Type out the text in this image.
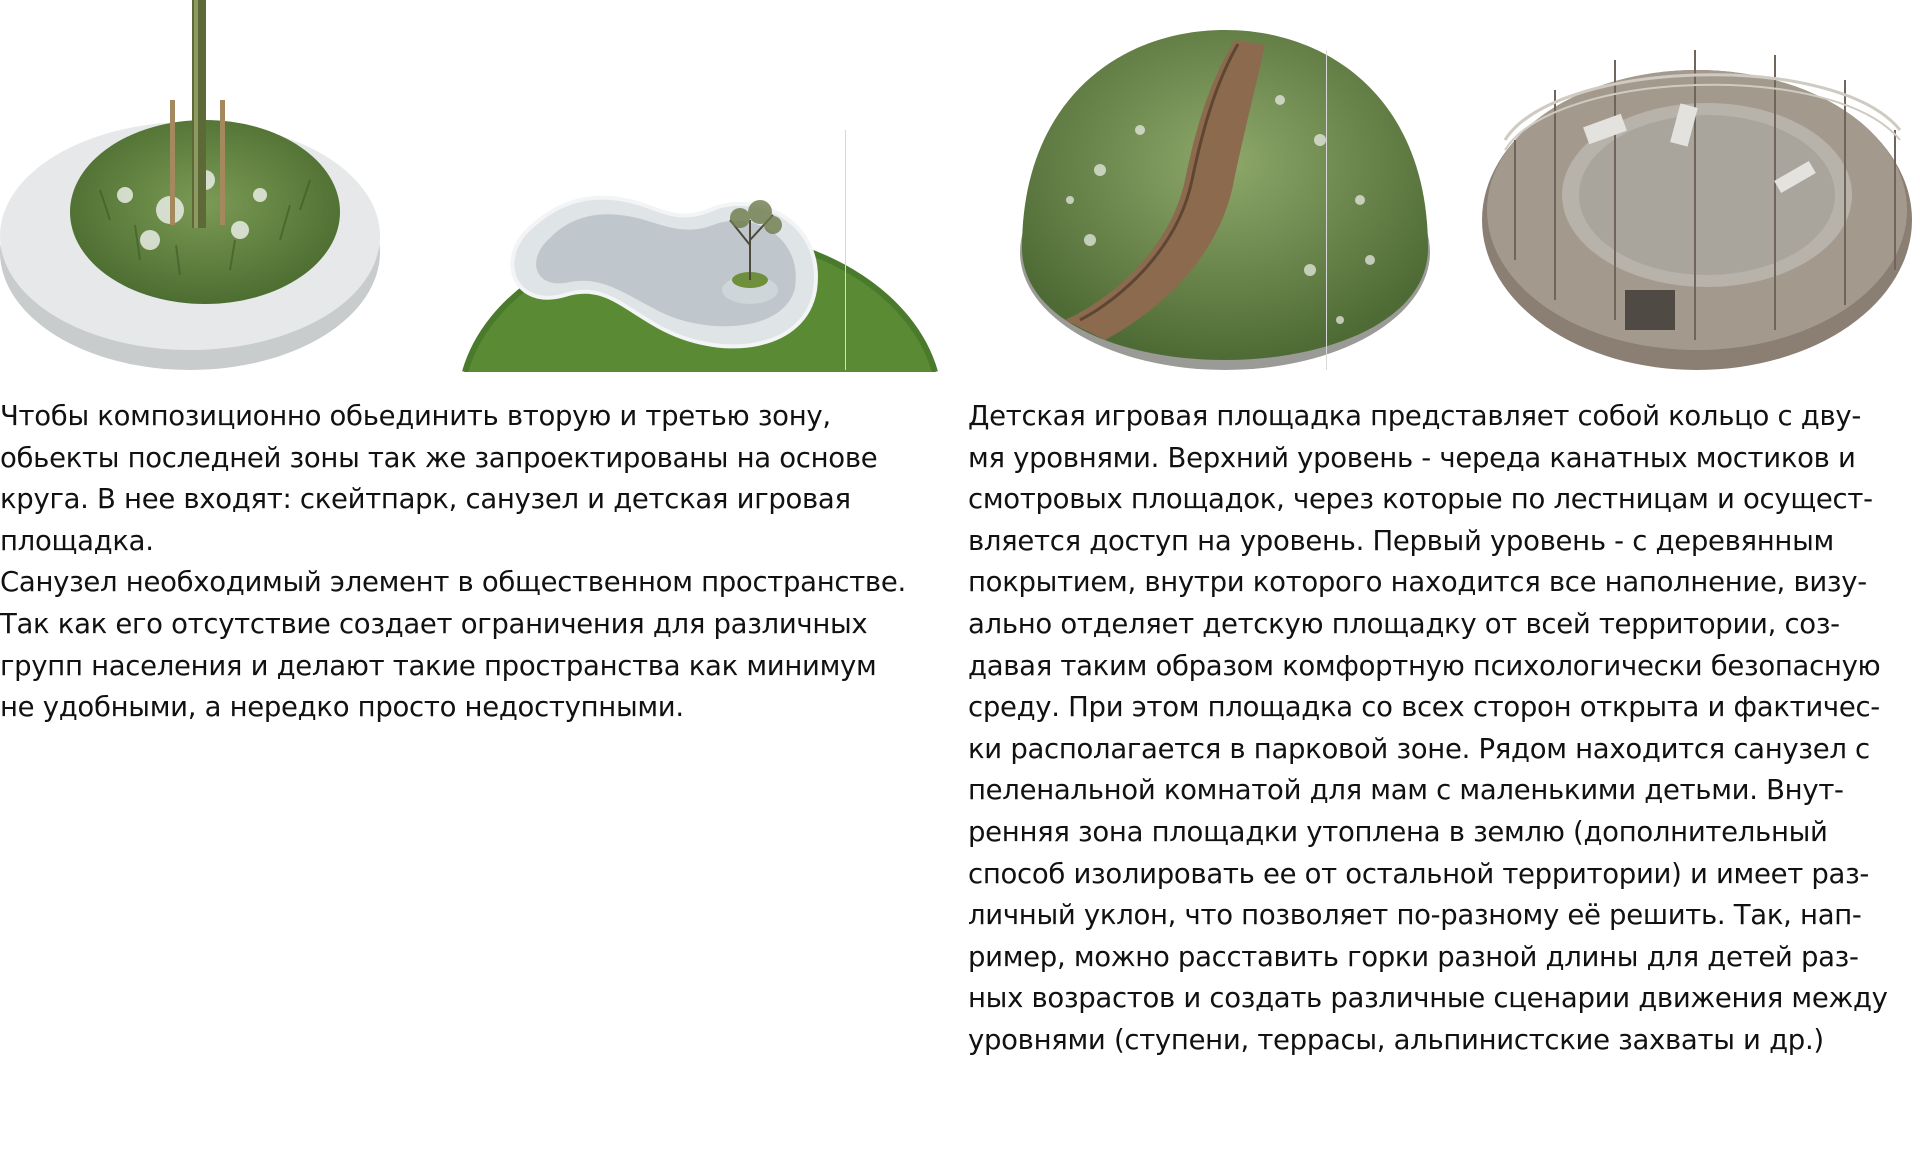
Чтобы композиционно обьединить вторую и третью зону,

обьекты последней зоны так же запроектированы на основе

круга. В нее входят: скейтпарк, санузел и детская игровая

площадка.

Санузел необходимый элемент в общественном пространстве.

Так как его отсутствие создает ограничения для различных

групп населения и делают такие пространства как минимум

не удобными, а нередко просто недоступными.

Детская игровая площадка представляет собой кольцо с дву-

мя уровнями. Верхний уровень - череда канатных мостиков и

смотровых площадок, через которые по лестницам и осущест-

вляется доступ на уровень. Первый уровень - с деревянным

покрытием, внутри которого находится все наполнение, визу-

ально отделяет детскую площадку от всей территории, соз-

давая таким образом комфортную психологически безопасную

среду. При этом площадка со всех сторон открыта и фактичес-

ки располагается в парковой зоне. Рядом находится санузел с

пеленальной комнатой для мам с маленькими детьми. Внут-

ренняя зона площадки утоплена в землю (дополнительный

способ изолировать ее от остальной территории) и имеет раз-

личный уклон, что позволяет по-разному её решить. Так, нап-

ример, можно расставить горки разной длины для детей раз-

ных возрастов и создать различные сценарии движения между

уровнями (ступени, террасы, альпинистские захваты и др.)
